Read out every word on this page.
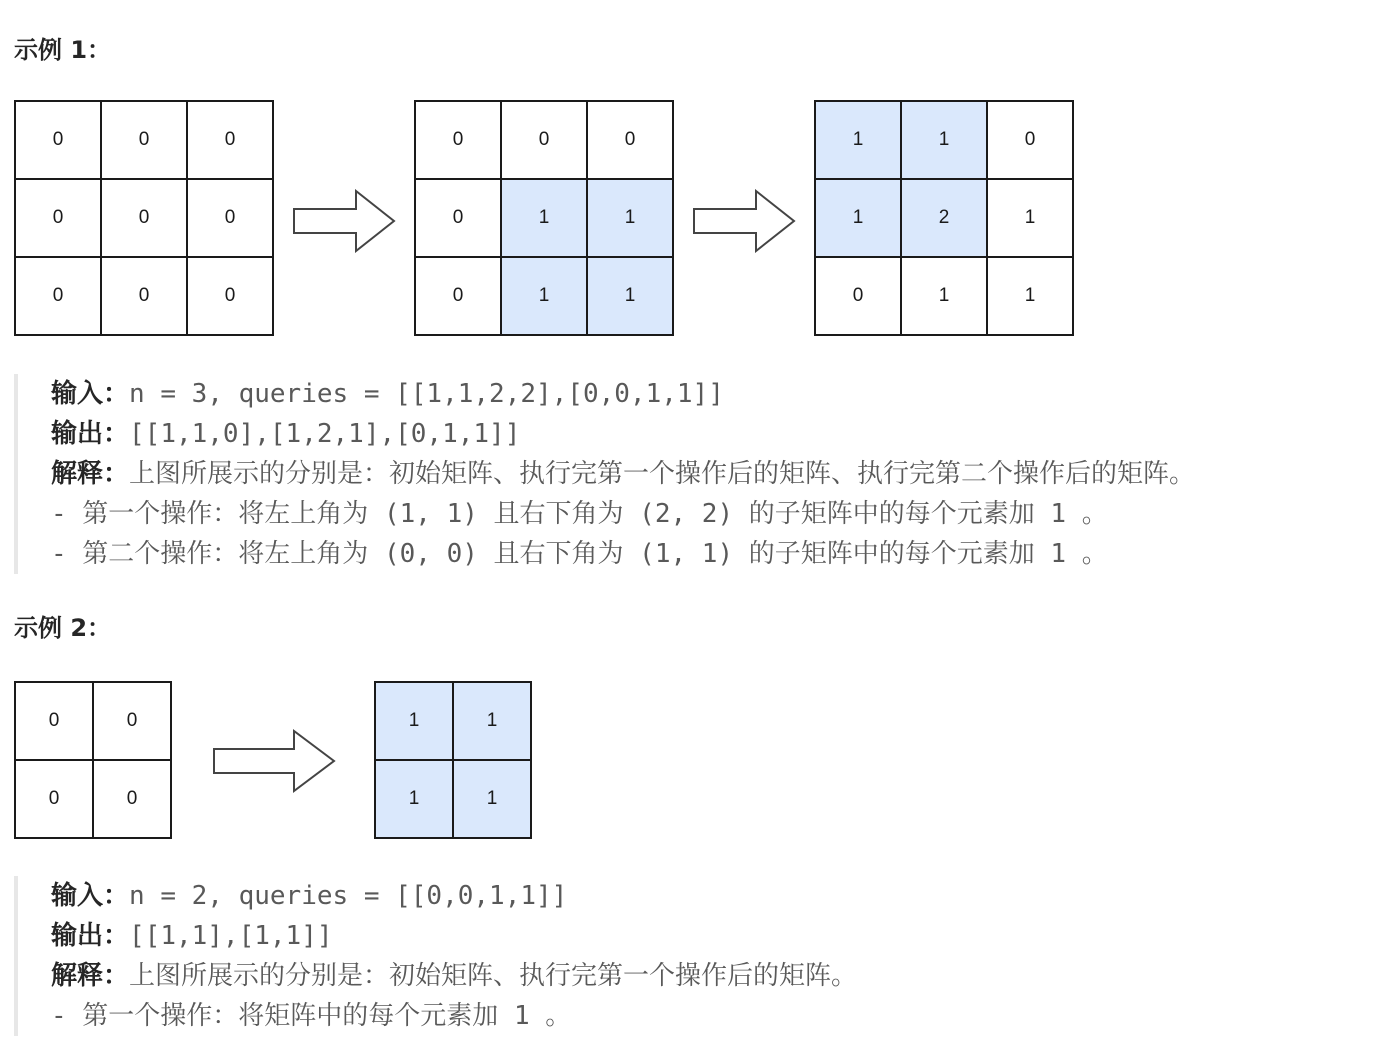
示例 1：
0	0	0
0	0	0
0	0	0
0	0	0
0	1	1
0	1	1
1	1	0
1	2	1
0	1	1
输入：n = 3, queries = [[1,1,2,2],[0,0,1,1]]
输出：[[1,1,0],[1,2,1],[0,1,1]]
解释：上图所展示的分别是：初始矩阵、执行完第一个操作后的矩阵、执行完第二个操作后的矩阵。
- 第一个操作：将左上角为 (1, 1) 且右下角为 (2, 2) 的子矩阵中的每个元素加 1 。
- 第二个操作：将左上角为 (0, 0) 且右下角为 (1, 1) 的子矩阵中的每个元素加 1 。
示例 2：
0	0
0	0
1	1
1	1
输入：n = 2, queries = [[0,0,1,1]]
输出：[[1,1],[1,1]]
解释：上图所展示的分别是：初始矩阵、执行完第一个操作后的矩阵。
- 第一个操作：将矩阵中的每个元素加 1 。
